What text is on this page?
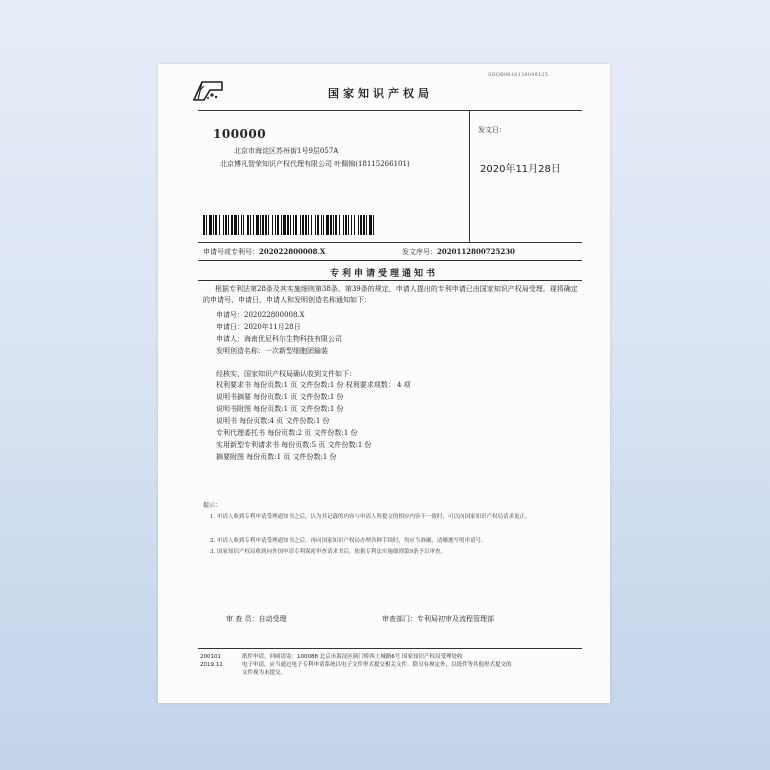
SDQB0616138049125
国家知识产权局
100000
北京市海淀区苏州街1号9层057A
北京博凡智荣知识产权代理有限公司 叶佩锦(18115266101)
发文日：
2020年11月28日
申请号或专利号：202022800008.X	发文序号：2020112800725230
专利申请受理通知书
根据专利法第28条及其实施细则第38条、第39条的规定，申请人提出的专利申请已由国家知识产权局受理。现将确定的申请号、申请日、申请人和发明创造名称通知如下：
申请号：202022800008.X
申请日：2020年11月28日
申请人：海南优尼科尔生物科技有限公司
发明创造名称：一次新型细胞团输装
经核实，国家知识产权局确认收到文件如下：
权利要求书 每份页数:1 页 文件份数:1 份 权利要求项数： 4 项
说明书摘要 每份页数:1 页 文件份数:1 份
说明书附图 每份页数:1 页 文件份数:1 份
说明书 每份页数:4 页 文件份数:1 份
专利代理委托书 每份页数:2 页 文件份数:1 份
实用新型专利请求书 每份页数:5 页 文件份数:1 份
摘要附图 每份页数:1 页 文件份数:1 份
提示：
1. 申请人收到专利申请受理通知书之后，认为其记载的内容与申请人所提交的相应内容不一致时，可以向国家知识产权局请求更正。
2. 申请人收到专利申请受理通知书之后，再向国家知识产权局办理各种手续时，均应当准确、清晰地写明申请号。
3. 国家知识产权局收到向外国申请专利保密审查请求书后，依据专利法实施细则第9条予以审查。
审 查 员：自动受理	审查部门：专利局初审及流程管理部
200101
2019.11
纸件申请，回函请寄：100088 北京市海淀区蓟门桥西土城路6号 国家知识产权局受理处收
电子申请，应当通过电子专利申请系统以电子文件形式提交相关文件。除另有规定外，以纸件等其他形式提交的
文件视为未提交。
